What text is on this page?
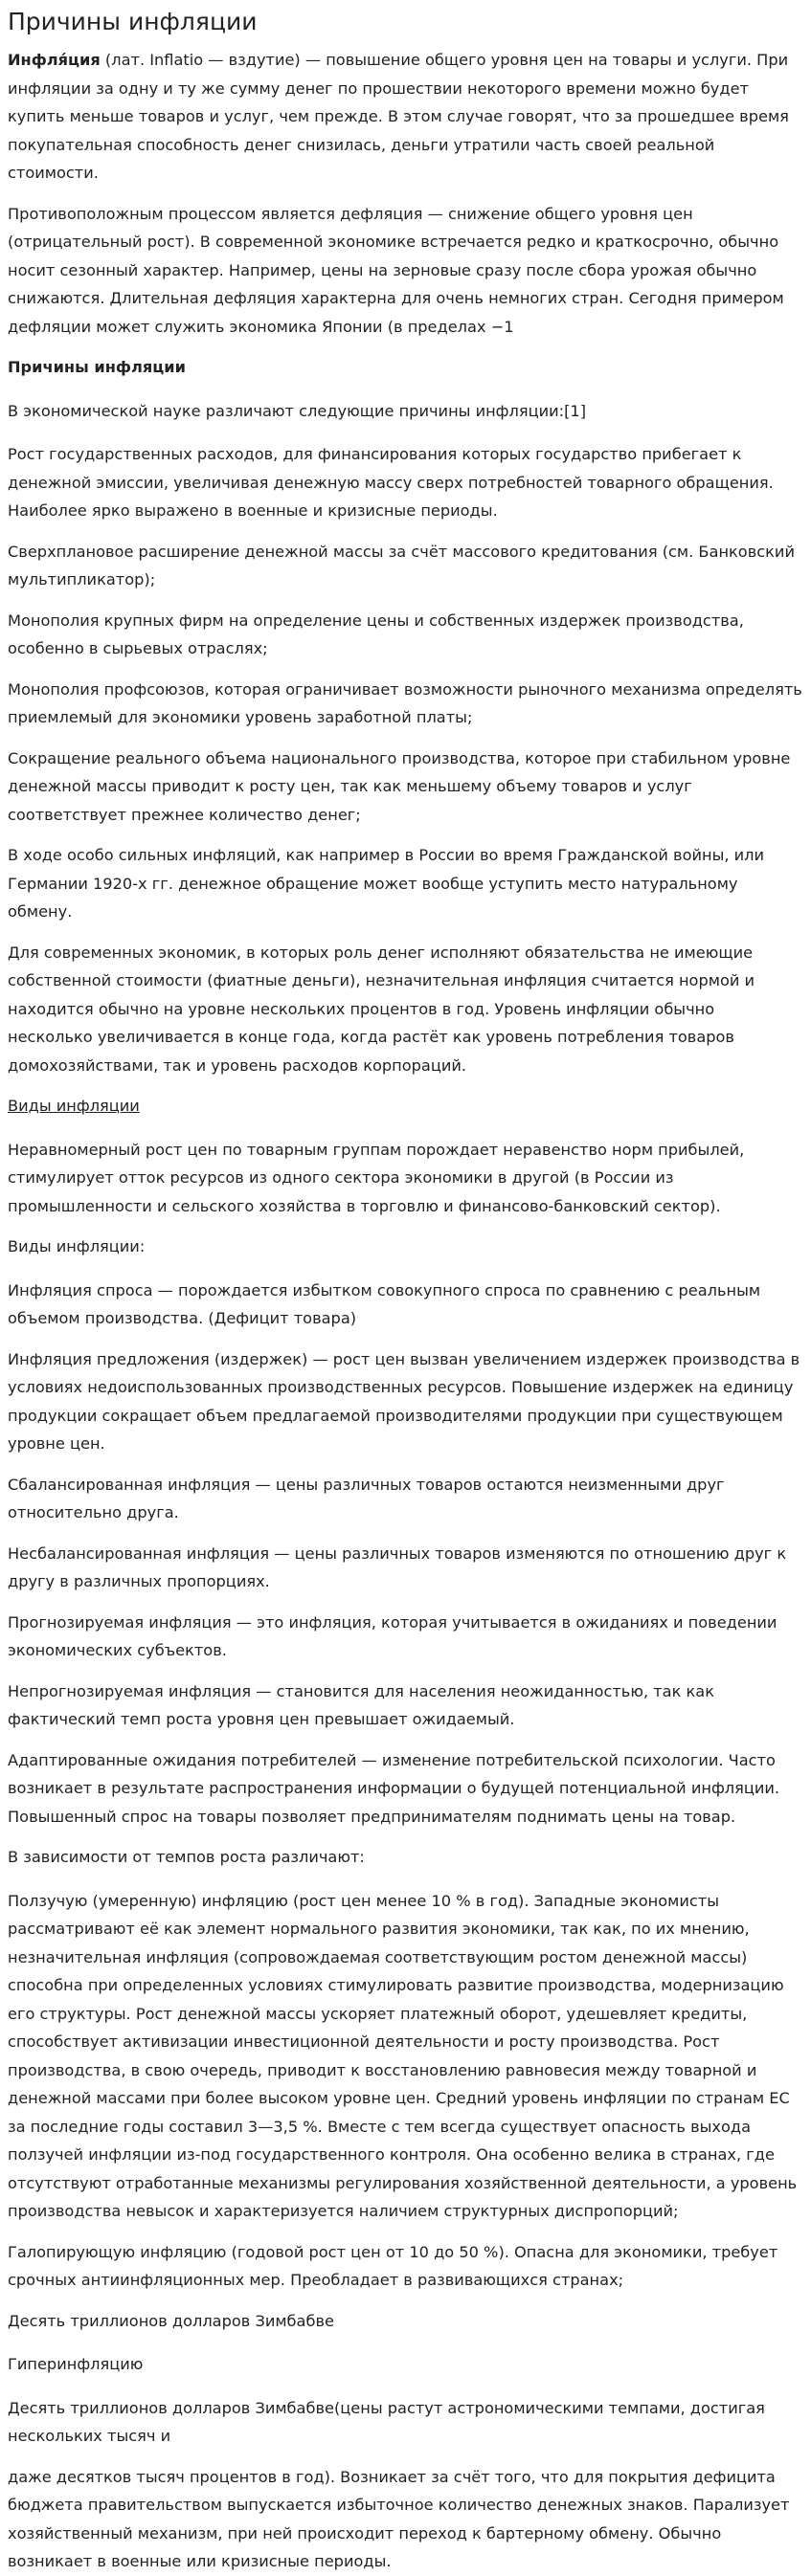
Причины инфляции

Инфля́ция (лат. Inflatio — вздутие) — повышение общего уровня цен на товары и услуги. При инфляции за одну и ту же сумму денег по прошествии некоторого времени можно будет купить меньше товаров и услуг, чем прежде. В этом случае говорят, что за прошедшее время покупательная способность денег снизилась, деньги утратили часть своей реальной стоимости.

Противоположным процессом является дефляция — снижение общего уровня цен (отрицательный рост). В современной экономике встречается редко и краткосрочно, обычно носит сезонный характер. Например, цены на зерновые сразу после сбора урожая обычно снижаются. Длительная дефляция характерна для очень немногих стран. Сегодня примером дефляции может служить экономика Японии (в пределах −1

Причины инфляции

В экономической науке различают следующие причины инфляции:[1]

Рост государственных расходов, для финансирования которых государство прибегает к денежной эмиссии, увеличивая денежную массу сверх потребностей товарного обращения. Наиболее ярко выражено в военные и кризисные периоды.

Сверхплановое расширение денежной массы за счёт массового кредитования (см. Банковский мультипликатор);

Монополия крупных фирм на определение цены и собственных издержек производства, особенно в сырьевых отраслях;

Монополия профсоюзов, которая ограничивает возможности рыночного механизма определять приемлемый для экономики уровень заработной платы;

Сокращение реального объема национального производства, которое при стабильном уровне денежной массы приводит к росту цен, так как меньшему объему товаров и услуг соответствует прежнее количество денег;

В ходе особо сильных инфляций, как например в России во время Гражданской войны, или Германии 1920-х гг. денежное обращение может вообще уступить место натуральному обмену.

Для современных экономик, в которых роль денег исполняют обязательства не имеющие собственной стоимости (фиатные деньги), незначительная инфляция считается нормой и находится обычно на уровне нескольких процентов в год. Уровень инфляции обычно несколько увеличивается в конце года, когда растёт как уровень потребления товаров домохозяйствами, так и уровень расходов корпораций.

Виды инфляции

Неравномерный рост цен по товарным группам порождает неравенство норм прибылей, стимулирует отток ресурсов из одного сектора экономики в другой (в России из промышленности и сельского хозяйства в торговлю и финансово-банковский сектор).

Виды инфляции:

Инфляция спроса — порождается избытком совокупного спроса по сравнению с реальным объемом производства. (Дефицит товара)

Инфляция предложения (издержек) — рост цен вызван увеличением издержек производства в условиях недоиспользованных производственных ресурсов. Повышение издержек на единицу продукции сокращает объем предлагаемой производителями продукции при существующем уровне цен.

Сбалансированная инфляция — цены различных товаров остаются неизменными друг относительно друга.

Несбалансированная инфляция — цены различных товаров изменяются по отношению друг к другу в различных пропорциях.

Прогнозируемая инфляция — это инфляция, которая учитывается в ожиданиях и поведении экономических субъектов.

Непрогнозируемая инфляция — становится для населения неожиданностью, так как фактический темп роста уровня цен превышает ожидаемый.

Адаптированные ожидания потребителей — изменение потребительской психологии. Часто возникает в результате распространения информации о будущей потенциальной инфляции. Повышенный спрос на товары позволяет предпринимателям поднимать цены на товар.

В зависимости от темпов роста различают:

Ползучую (умеренную) инфляцию (рост цен менее 10 % в год). Западные экономисты рассматривают её как элемент нормального развития экономики, так как, по их мнению, незначительная инфляция (сопровождаемая соответствующим ростом денежной массы) способна при определенных условиях стимулировать развитие производства, модернизацию его структуры. Рост денежной массы ускоряет платежный оборот, удешевляет кредиты, способствует активизации инвестиционной деятельности и росту производства. Рост производства, в свою очередь, приводит к восстановлению равновесия между товарной и денежной массами при более высоком уровне цен. Средний уровень инфляции по странам ЕС за последние годы составил 3—3,5 %. Вместе с тем всегда существует опасность выхода ползучей инфляции из-под государственного контроля. Она особенно велика в странах, где отсутствуют отработанные механизмы регулирования хозяйственной деятельности, а уровень производства невысок и характеризуется наличием структурных диспропорций;

Галопирующую инфляцию (годовой рост цен от 10 до 50 %). Опасна для экономики, требует срочных антиинфляционных мер. Преобладает в развивающихся странах;

Десять триллионов долларов Зимбабве

Гиперинфляцию

Десять триллионов долларов Зимбабве(цены растут астрономическими темпами, достигая нескольких тысяч и

даже десятков тысяч процентов в год). Возникает за счёт того, что для покрытия дефицита бюджета правительством выпускается избыточное количество денежных знаков. Парализует хозяйственный механизм, при ней происходит переход к бартерному обмену. Обычно возникает в военные или кризисные периоды.
